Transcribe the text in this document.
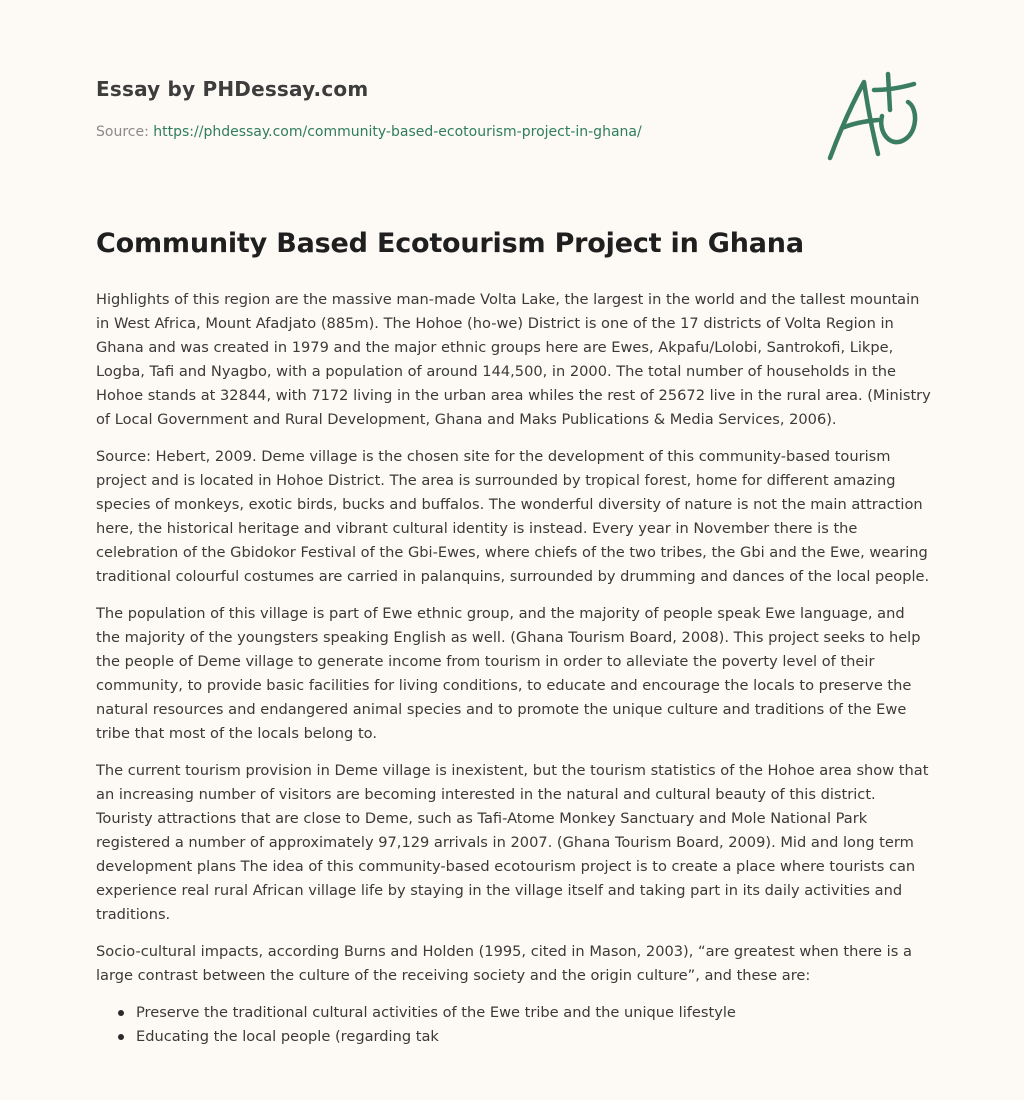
Essay by PHDessay.com

Source: https://phdessay.com/community-based-ecotourism-project-in-ghana/
Community Based Ecotourism Project in Ghana

Highlights of this region are the massive man-made Volta Lake, the largest in the world and the tallest mountain in West Africa, Mount Afadjato (885m). The Hohoe (ho-we) District is one of the 17 districts of Volta Region in Ghana and was created in 1979 and the major ethnic groups here are Ewes, Akpafu/Lolobi, Santrokofi, Likpe, Logba, Tafi and Nyagbo, with a population of around 144,500, in 2000. The total number of households in the Hohoe stands at 32844, with 7172 living in the urban area whiles the rest of 25672 live in the rural area. (Ministry of Local Government and Rural Development, Ghana and Maks Publications & Media Services, 2006).

Source: Hebert, 2009. Deme village is the chosen site for the development of this community-based tourism project and is located in Hohoe District. The area is surrounded by tropical forest, home for different amazing species of monkeys, exotic birds, bucks and buffalos. The wonderful diversity of nature is not the main attraction here, the historical heritage and vibrant cultural identity is instead. Every year in November there is the celebration of the Gbidokor Festival of the Gbi-Ewes, where chiefs of the two tribes, the Gbi and the Ewe, wearing traditional colourful costumes are carried in palanquins, surrounded by drumming and dances of the local people.

The population of this village is part of Ewe ethnic group, and the majority of people speak Ewe language, and the majority of the youngsters speaking English as well. (Ghana Tourism Board, 2008). This project seeks to help the people of Deme village to generate income from tourism in order to alleviate the poverty level of their community, to provide basic facilities for living conditions, to educate and encourage the locals to preserve the natural resources and endangered animal species and to promote the unique culture and traditions of the Ewe tribe that most of the locals belong to.

The current tourism provision in Deme village is inexistent, but the tourism statistics of the Hohoe area show that an increasing number of visitors are becoming interested in the natural and cultural beauty of this district. Touristy attractions that are close to Deme, such as Tafi-Atome Monkey Sanctuary and Mole National Park registered a number of approximately 97,129 arrivals in 2007. (Ghana Tourism Board, 2009). Mid and long term development plans The idea of this community-based ecotourism project is to create a place where tourists can experience real rural African village life by staying in the village itself and taking part in its daily activities and traditions.

Socio-cultural impacts, according Burns and Holden (1995, cited in Mason, 2003), “are greatest when there is a large contrast between the culture of the receiving society and the origin culture”, and these are:

Preserve the traditional cultural activities of the Ewe tribe and the unique lifestyle
Educating the local people (regarding tak
